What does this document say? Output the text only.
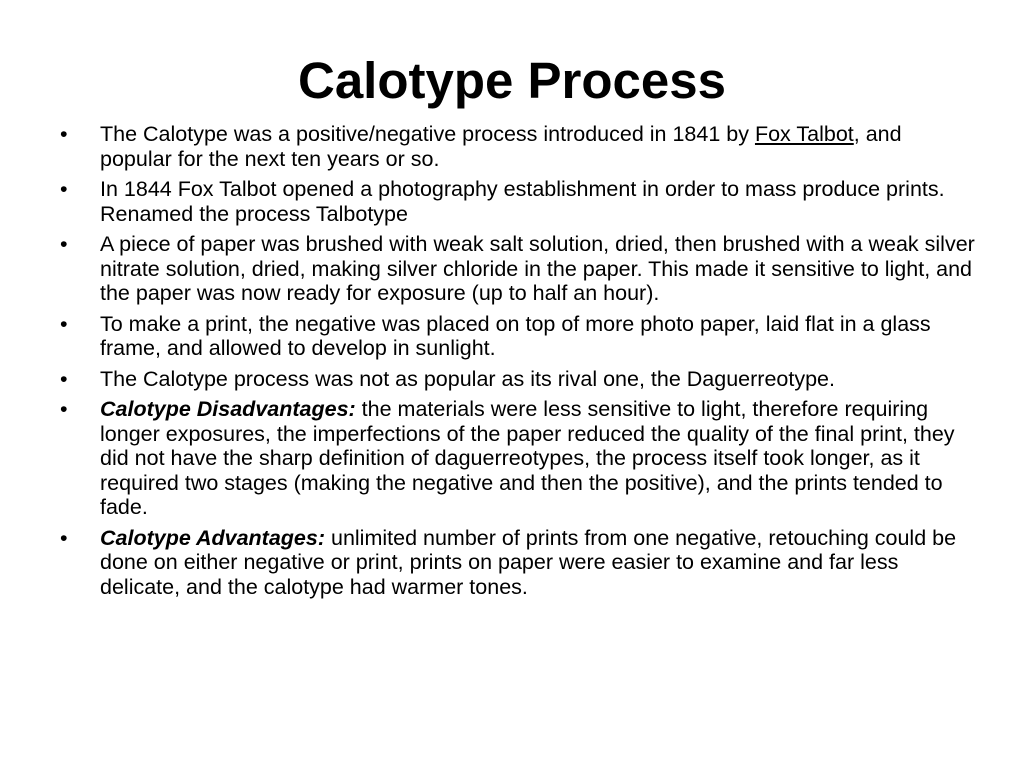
Calotype Process
• The Calotype was a positive/negative process introduced in 1841 by Fox Talbot, and popular for the next ten years or so.
• In 1844 Fox Talbot opened a photography establishment in order to mass produce prints. Renamed the process Talbotype
• A piece of paper was brushed with weak salt solution, dried, then brushed with a weak silver nitrate solution, dried, making silver chloride in the paper. This made it sensitive to light, and the paper was now ready for exposure (up to half an hour).
• To make a print, the negative was placed on top of more photo paper, laid flat in a glass frame, and allowed to develop in sunlight.
• The Calotype process was not as popular as its rival one, the Daguerreotype.
• Calotype Disadvantages: the materials were less sensitive to light, therefore requiring longer exposures, the imperfections of the paper reduced the quality of the final print, they did not have the sharp definition of daguerreotypes, the process itself took longer, as it required two stages (making the negative and then the positive), and the prints tended to fade.
• Calotype Advantages: unlimited number of prints from one negative, retouching could be done on either negative or print, prints on paper were easier to examine and far less delicate, and the calotype had warmer tones.
